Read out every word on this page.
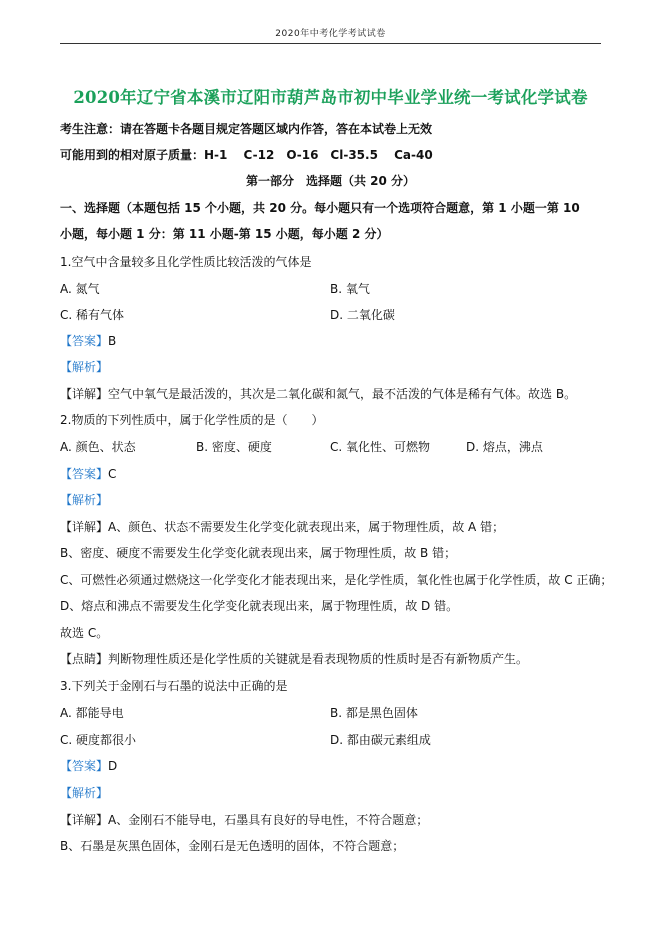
2020年中考化学考试试卷
2020年辽宁省本溪市辽阳市葫芦岛市初中毕业学业统一考试化学试卷
考生注意：请在答题卡各题目规定答题区域内作答，答在本试卷上无效
可能用到的相对原子质量：H-1　 C-12　O-16　Cl-35.5　 Ca-40
第一部分　选择题（共 20 分）
一、选择题（本题包括 15 个小题，共 20 分。每小题只有一个选项符合题意，第 1 小题一第 10
小题，每小题 1 分：第 11 小题-第 15 小题，每小题 2 分）
1.空气中含量较多且化学性质比较活泼的气体是
A. 氮气	B. 氧气
C. 稀有气体	D. 二氧化碳
【答案】B
【解析】
【详解】空气中氧气是最活泼的，其次是二氧化碳和氮气，最不活泼的气体是稀有气体。故选 B。
2.物质的下列性质中，属于化学性质的是（　　）
A. 颜色、状态	B. 密度、硬度	C. 氧化性、可燃物	D. 熔点，沸点
【答案】C
【解析】
【详解】A、颜色、状态不需要发生化学变化就表现出来，属于物理性质，故 A 错；
B、密度、硬度不需要发生化学变化就表现出来，属于物理性质，故 B 错；
C、可燃性必须通过燃烧这一化学变化才能表现出来，是化学性质，氧化性也属于化学性质，故 C 正确；
D、熔点和沸点不需要发生化学变化就表现出来，属于物理性质，故 D 错。
故选 C。
【点睛】判断物理性质还是化学性质的关键就是看表现物质的性质时是否有新物质产生。
3.下列关于金刚石与石墨的说法中正确的是
A. 都能导电	B. 都是黑色固体
C. 硬度都很小	D. 都由碳元素组成
【答案】D
【解析】
【详解】A、金刚石不能导电，石墨具有良好的导电性，不符合题意；
B、石墨是灰黑色固体，金刚石是无色透明的固体，不符合题意；
